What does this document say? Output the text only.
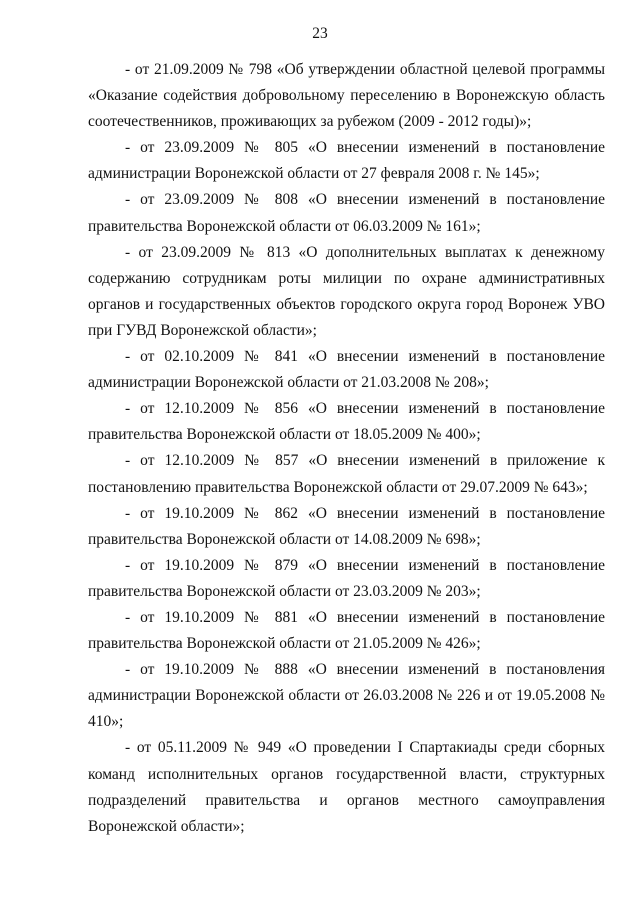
23

- от 21.09.2009 № 798 «Об утверждении областной целевой программы «Оказание содействия добровольному переселению в Воронежскую область соотечественников, проживающих за рубежом (2009 - 2012 годы)»;

- от 23.09.2009 № 805 «О внесении изменений в постановление администрации Воронежской области от 27 февраля 2008 г. № 145»;

- от 23.09.2009 № 808 «О внесении изменений в постановление правительства Воронежской области от 06.03.2009 № 161»;

- от 23.09.2009 № 813 «О дополнительных выплатах к денежному содержанию сотрудникам роты милиции по охране административных органов и государственных объектов городского округа город Воронеж УВО при ГУВД Воронежской области»;

- от 02.10.2009 № 841 «О внесении изменений в постановление администрации Воронежской области от 21.03.2008 № 208»;

- от 12.10.2009 № 856 «О внесении изменений в постановление правительства Воронежской области от 18.05.2009 № 400»;

- от 12.10.2009 № 857 «О внесении изменений в приложение к постановлению правительства Воронежской области от 29.07.2009 № 643»;

- от 19.10.2009 № 862 «О внесении изменений в постановление правительства Воронежской области от 14.08.2009 № 698»;

- от 19.10.2009 № 879 «О внесении изменений в постановление правительства Воронежской области от 23.03.2009 № 203»;

- от 19.10.2009 № 881 «О внесении изменений в постановление правительства Воронежской области от 21.05.2009 № 426»;

- от 19.10.2009 № 888 «О внесении изменений в постановления администрации Воронежской области от 26.03.2008 № 226 и от 19.05.2008 № 410»;

- от 05.11.2009 № 949 «О проведении I Спартакиады среди сборных команд исполнительных органов государственной власти, структурных подразделений правительства и органов местного самоуправления Воронежской области»;
